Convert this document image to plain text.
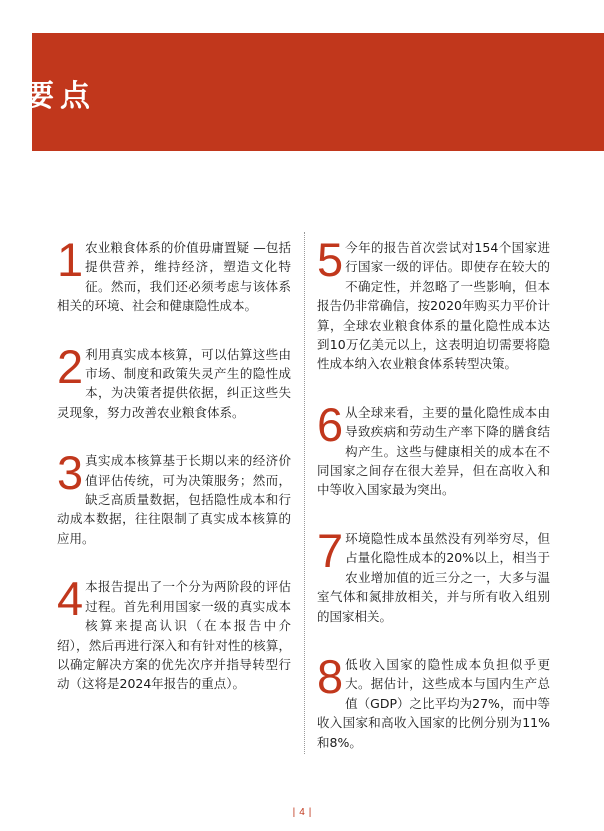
要点
1 农业粮食体系的价值毋庸置疑 —包括提供营养，维持经济，塑造文化特征。然而，我们还必须考虑与该体系相关的环境、社会和健康隐性成本。
2 利用真实成本核算，可以估算这些由市场、制度和政策失灵产生的隐性成本，为决策者提供依据，纠正这些失灵现象，努力改善农业粮食体系。
3 真实成本核算基于长期以来的经济价值评估传统，可为决策服务；然而，缺乏高质量数据，包括隐性成本和行动成本数据，往往限制了真实成本核算的应用。
4 本报告提出了一个分为两阶段的评估过程。首先利用国家一级的真实成本核算来提高认识（在本报告中介绍），然后再进行深入和有针对性的核算，以确定解决方案的优先次序并指导转型行动（这将是2024年报告的重点）。
5 今年的报告首次尝试对154个国家进行国家一级的评估。即使存在较大的不确定性，并忽略了一些影响，但本报告仍非常确信，按2020年购买力平价计算，全球农业粮食体系的量化隐性成本达到10万亿美元以上，这表明迫切需要将隐性成本纳入农业粮食体系转型决策。
6 从全球来看，主要的量化隐性成本由导致疾病和劳动生产率下降的膳食结构产生。这些与健康相关的成本在不同国家之间存在很大差异，但在高收入和中等收入国家最为突出。
7 环境隐性成本虽然没有列举穷尽，但占量化隐性成本的20%以上，相当于农业增加值的近三分之一，大多与温室气体和氮排放相关，并与所有收入组别的国家相关。
8 低收入国家的隐性成本负担似乎更大。据估计，这些成本与国内生产总值（GDP）之比平均为27%，而中等收入国家和高收入国家的比例分别为11%和8%。
| 4 |
